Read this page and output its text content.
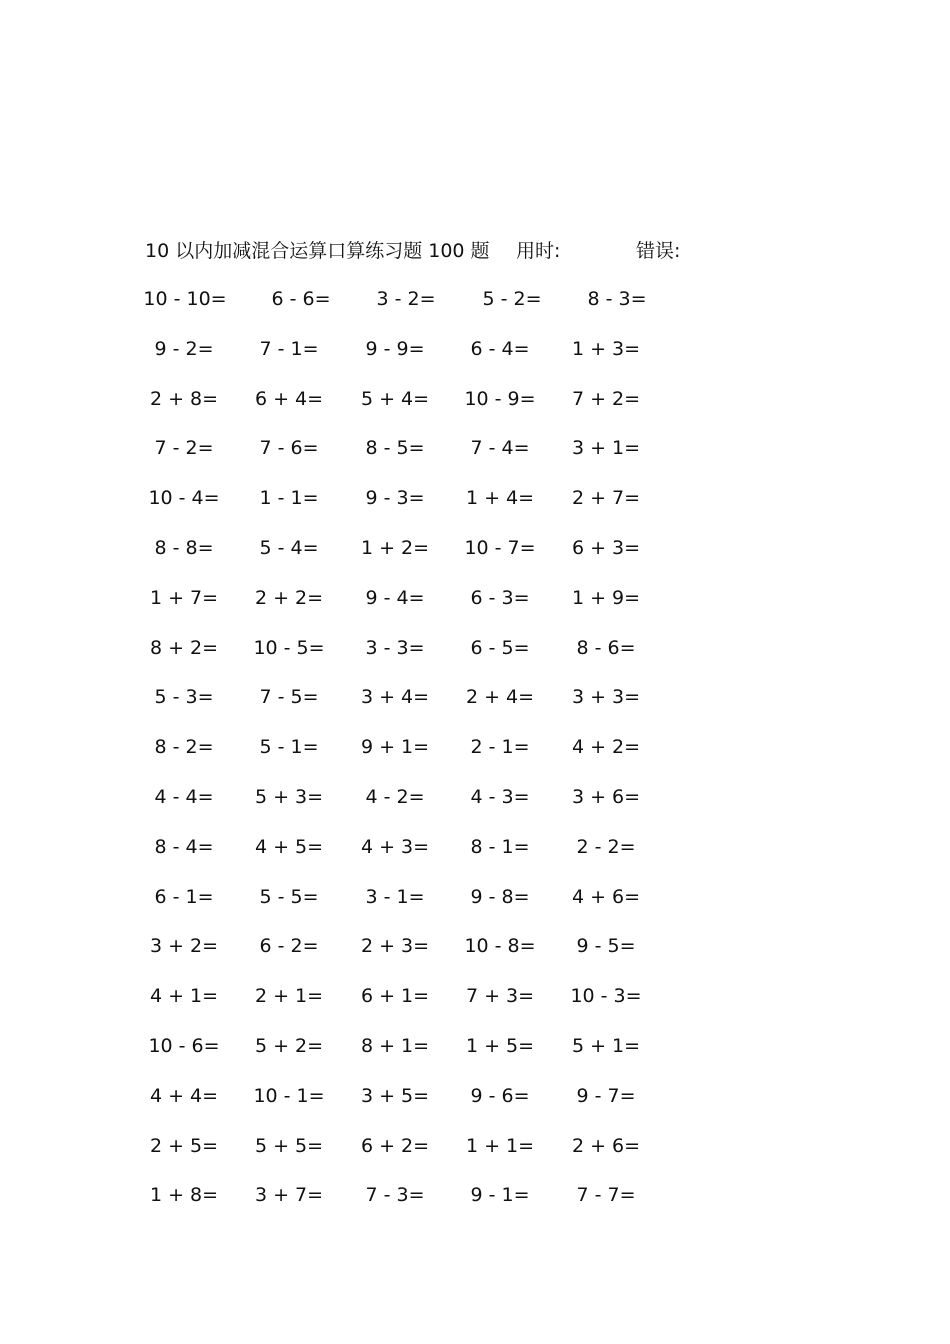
10 以内加减混合运算口算练习题 100 题 用时:	错误:
10 - 10=	6 - 6=	3 - 2=	5 - 2=	8 - 3=
9 - 2=	7 - 1=	9 - 9=	6 - 4=	1 + 3=
2 + 8=	6 + 4=	5 + 4=	10 - 9=	7 + 2=
7 - 2=	7 - 6=	8 - 5=	7 - 4=	3 + 1=
10 - 4=	1 - 1=	9 - 3=	1 + 4=	2 + 7=
8 - 8=	5 - 4=	1 + 2=	10 - 7=	6 + 3=
1 + 7=	2 + 2=	9 - 4=	6 - 3=	1 + 9=
8 + 2=	10 - 5=	3 - 3=	6 - 5=	8 - 6=
5 - 3=	7 - 5=	3 + 4=	2 + 4=	3 + 3=
8 - 2=	5 - 1=	9 + 1=	2 - 1=	4 + 2=
4 - 4=	5 + 3=	4 - 2=	4 - 3=	3 + 6=
8 - 4=	4 + 5=	4 + 3=	8 - 1=	2 - 2=
6 - 1=	5 - 5=	3 - 1=	9 - 8=	4 + 6=
3 + 2=	6 - 2=	2 + 3=	10 - 8=	9 - 5=
4 + 1=	2 + 1=	6 + 1=	7 + 3=	10 - 3=
10 - 6=	5 + 2=	8 + 1=	1 + 5=	5 + 1=
4 + 4=	10 - 1=	3 + 5=	9 - 6=	9 - 7=
2 + 5=	5 + 5=	6 + 2=	1 + 1=	2 + 6=
1 + 8=	3 + 7=	7 - 3=	9 - 1=	7 - 7=
